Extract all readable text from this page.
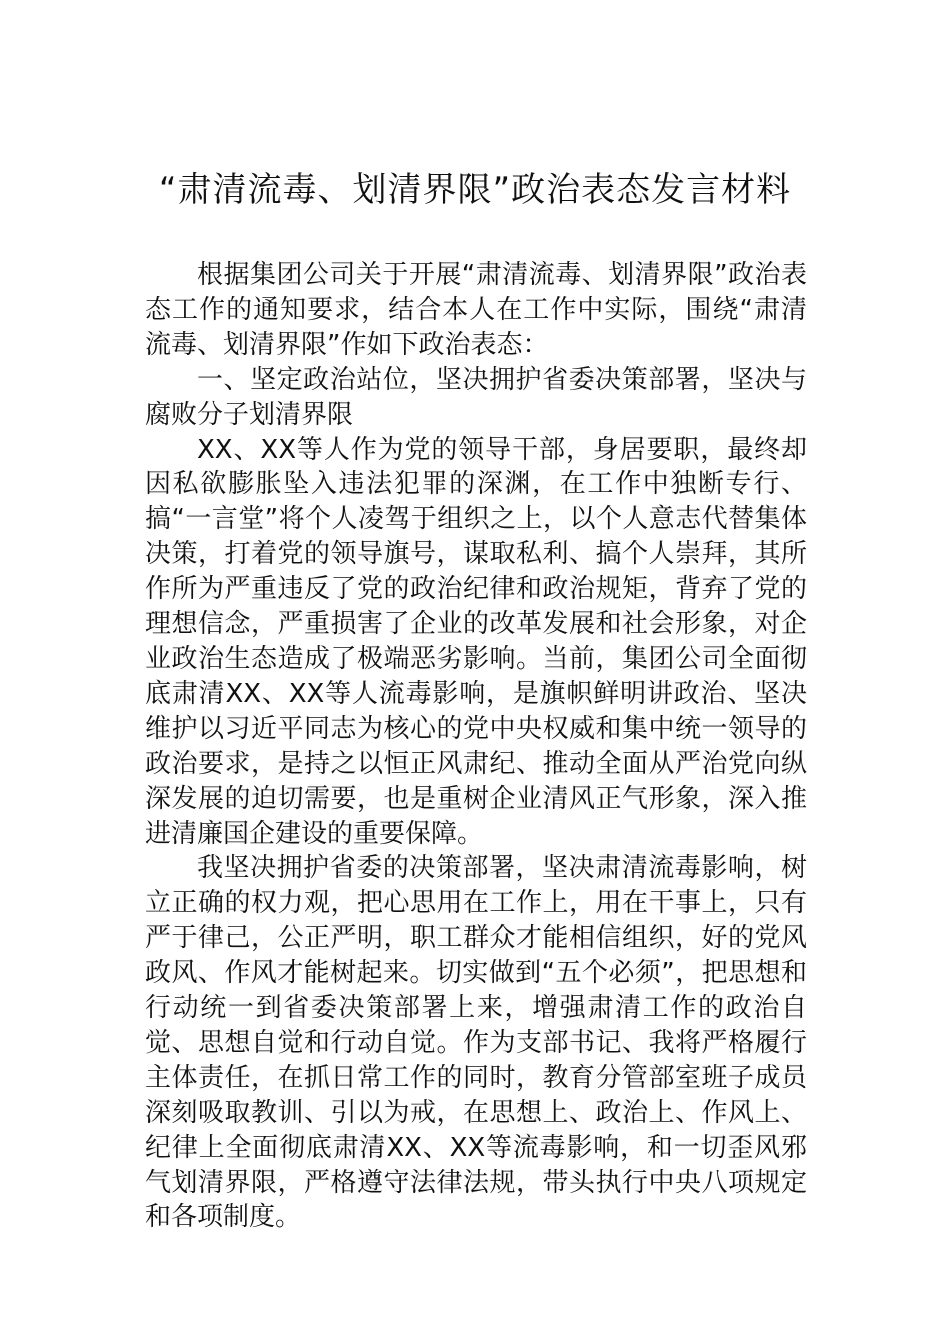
“肃清流毒、划清界限”政治表态发言材料

根据集团公司关于开展“肃清流毒、划清界限”政治表态工作的通知要求，结合本人在工作中实际，围绕“肃清流毒、划清界限”作如下政治表态：

一、坚定政治站位，坚决拥护省委决策部署，坚决与腐败分子划清界限

XX、XX等人作为党的领导干部，身居要职，最终却因私欲膨胀坠入违法犯罪的深渊，在工作中独断专行、搞“一言堂”将个人凌驾于组织之上，以个人意志代替集体决策，打着党的领导旗号，谋取私利、搞个人崇拜，其所作所为严重违反了党的政治纪律和政治规矩，背弃了党的理想信念，严重损害了企业的改革发展和社会形象，对企业政治生态造成了极端恶劣影响。当前，集团公司全面彻底肃清XX、XX等人流毒影响，是旗帜鲜明讲政治、坚决维护以习近平同志为核心的党中央权威和集中统一领导的政治要求，是持之以恒正风肃纪、推动全面从严治党向纵深发展的迫切需要，也是重树企业清风正气形象，深入推进清廉国企建设的重要保障。

我坚决拥护省委的决策部署，坚决肃清流毒影响，树立正确的权力观，把心思用在工作上，用在干事上，只有严于律己，公正严明，职工群众才能相信组织，好的党风政风、作风才能树起来。切实做到“五个必须”，把思想和行动统一到省委决策部署上来，增强肃清工作的政治自觉、思想自觉和行动自觉。作为支部书记、我将严格履行主体责任，在抓日常工作的同时，教育分管部室班子成员深刻吸取教训、引以为戒，在思想上、政治上、作风上、纪律上全面彻底肃清XX、XX等流毒影响，和一切歪风邪气划清界限，严格遵守法律法规，带头执行中央八项规定和各项制度。
